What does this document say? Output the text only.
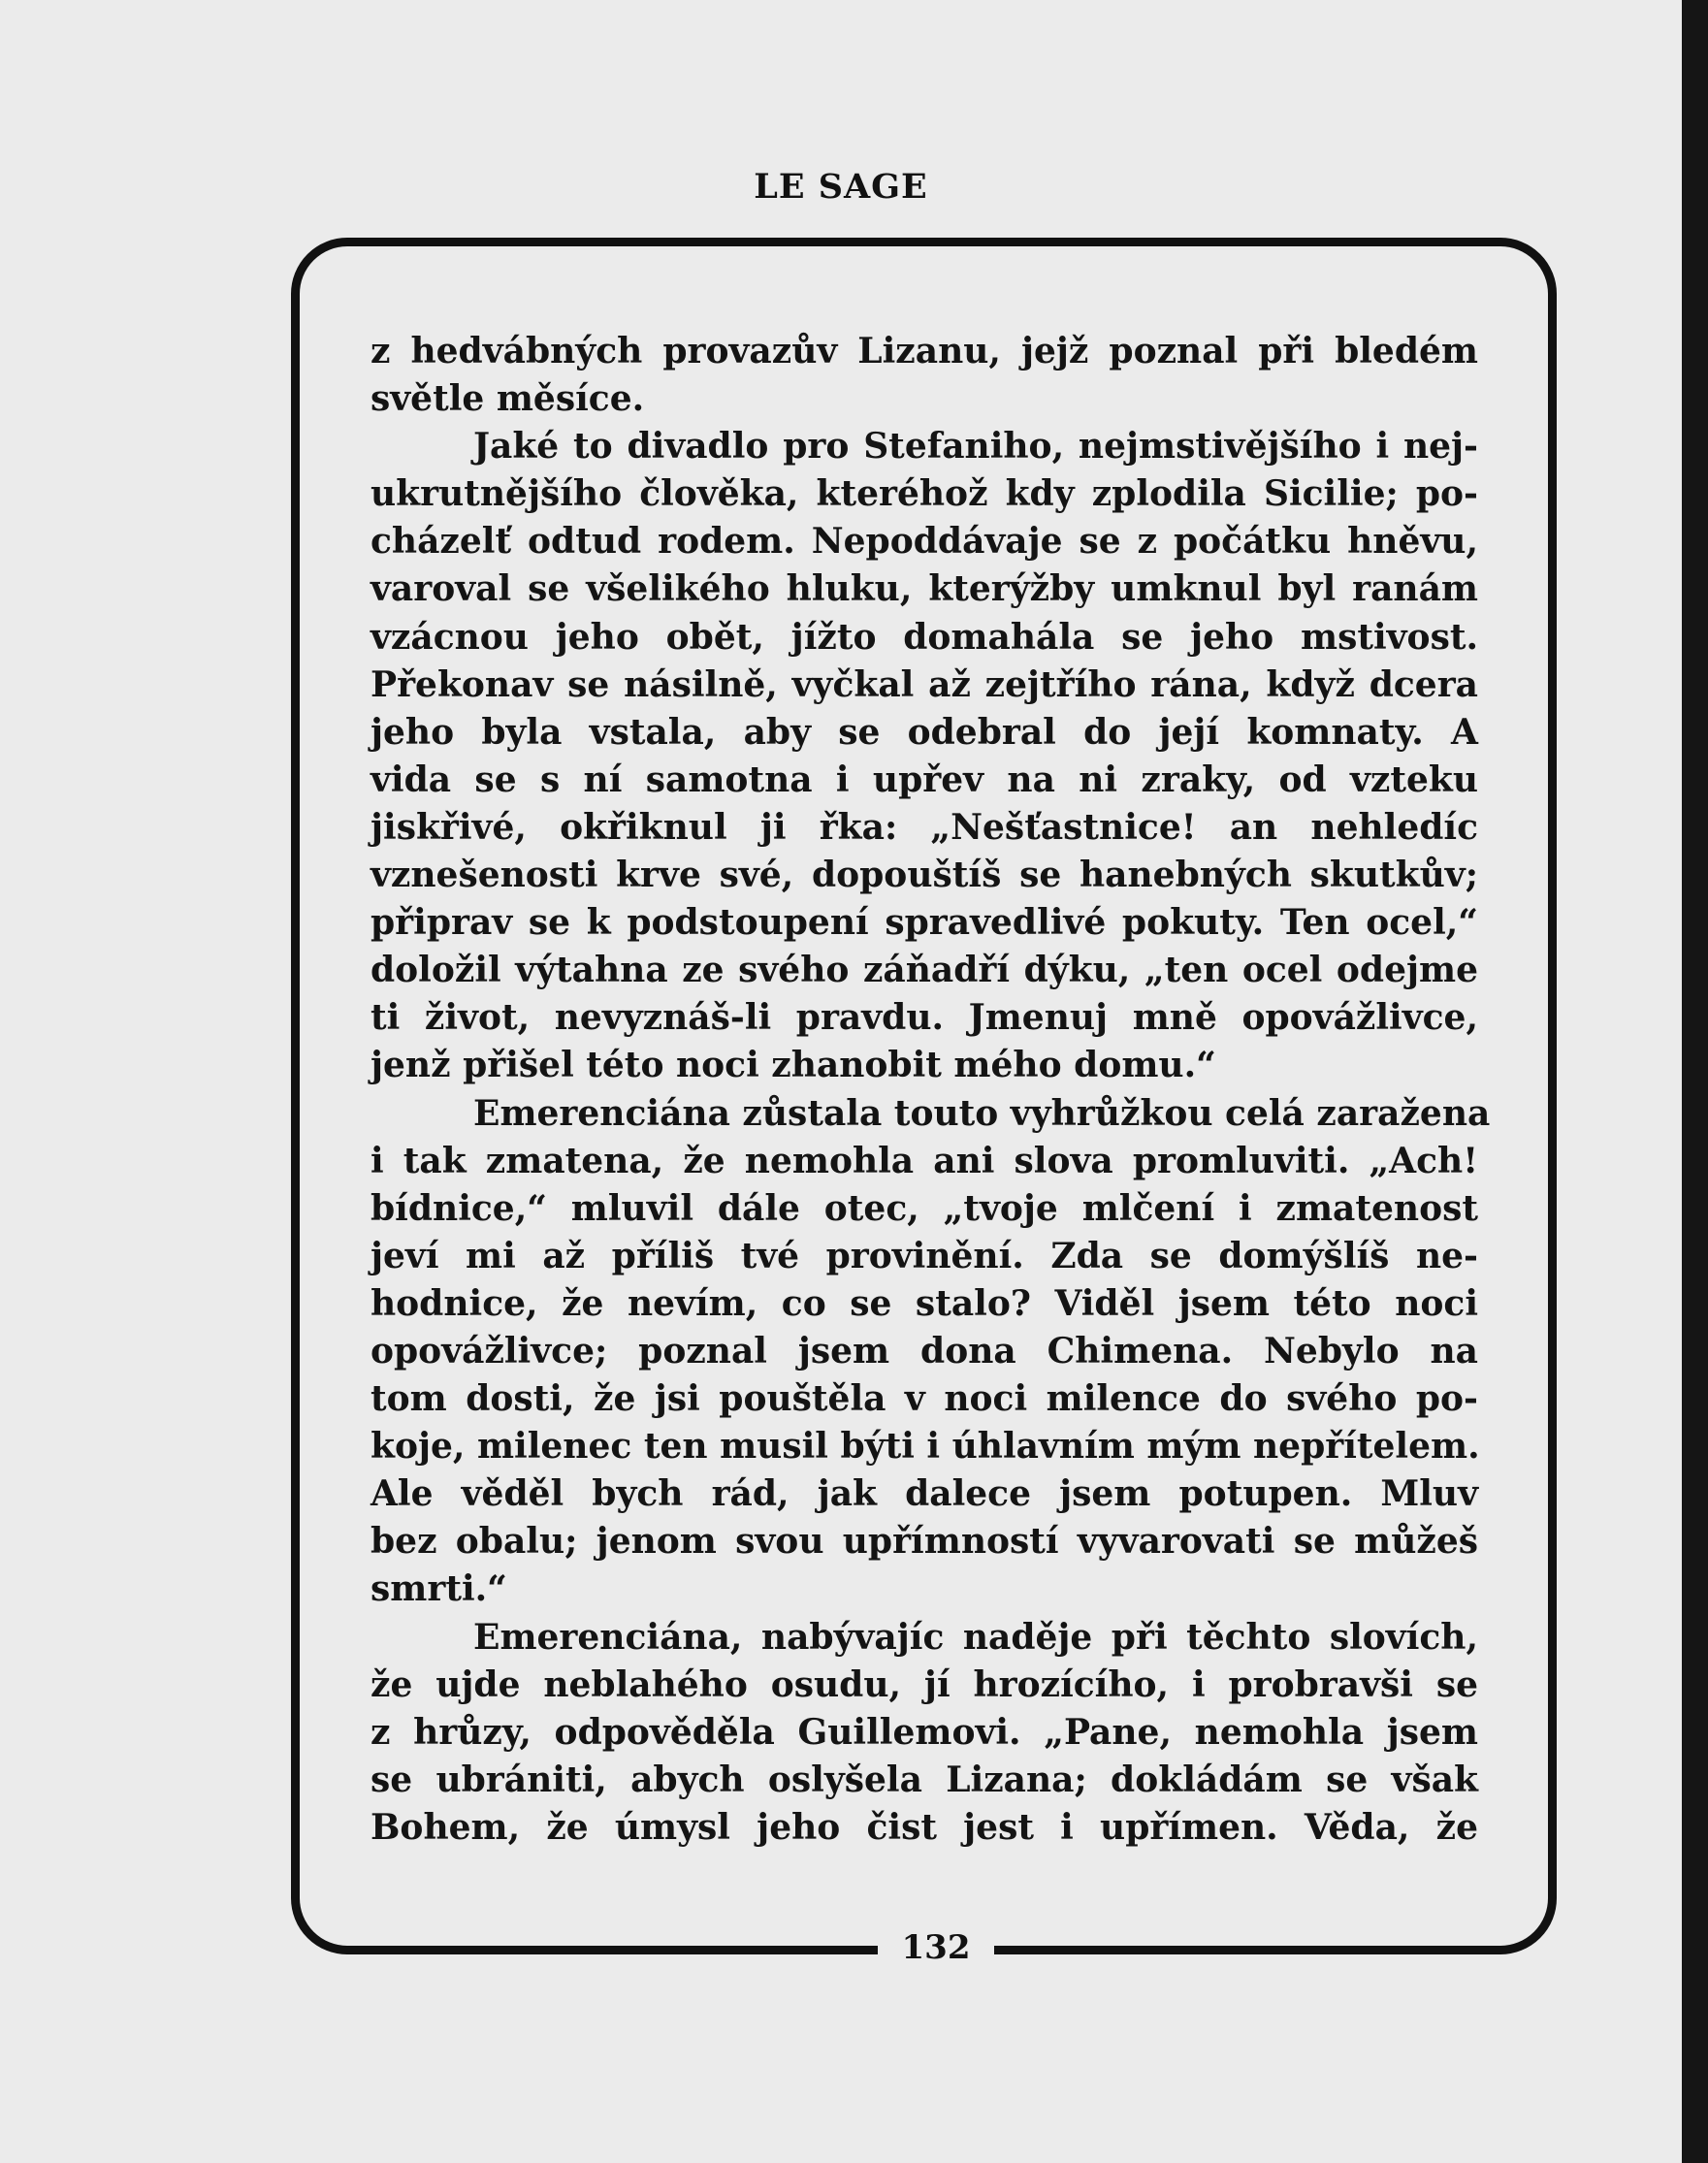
LE SAGE
z hedvábných provazův Lizanu, jejž poznal při bledém
světle měsíce.
Jaké to divadlo pro Stefaniho, nejmstivějšího i nej-
ukrutnějšího člověka, kteréhož kdy zplodila Sicilie; po-
cházelť odtud rodem. Nepoddávaje se z počátku hněvu,
varoval se všelikého hluku, kterýžby umknul byl ranám
vzácnou jeho obět, jížto domahála se jeho mstivost.
Překonav se násilně, vyčkal až zejtřího rána, když dcera
jeho byla vstala, aby se odebral do její komnaty. A
vida se s ní samotna i upřev na ni zraky, od vzteku
jiskřivé, okřiknul ji řka: „Nešťastnice! an nehledíc
vznešenosti krve své, dopouštíš se hanebných skutkův;
připrav se k podstoupení spravedlivé pokuty. Ten ocel,“
doložil výtahna ze svého záňadří dýku, „ten ocel odejme
ti život, nevyznáš-li pravdu. Jmenuj mně opovážlivce,
jenž přišel této noci zhanobit mého domu.“
Emerenciána zůstala touto vyhrůžkou celá zaražena
i tak zmatena, že nemohla ani slova promluviti. „Ach!
bídnice,“ mluvil dále otec, „tvoje mlčení i zmatenost
jeví mi až příliš tvé provinění. Zda se domýšlíš ne-
hodnice, že nevím, co se stalo? Viděl jsem této noci
opovážlivce; poznal jsem dona Chimena. Nebylo na
tom dosti, že jsi pouštěla v noci milence do svého po-
koje, milenec ten musil býti i úhlavním mým nepřítelem.
Ale věděl bych rád, jak dalece jsem potupen. Mluv
bez obalu; jenom svou upřímností vyvarovati se můžeš
smrti.“
Emerenciána, nabývajíc naděje při těchto slovích,
že ujde neblahého osudu, jí hrozícího, i probravši se
z hrůzy, odpověděla Guillemovi. „Pane, nemohla jsem
se ubrániti, abych oslyšela Lizana; dokládám se však
Bohem, že úmysl jeho čist jest i upřímen. Věda, že
132
